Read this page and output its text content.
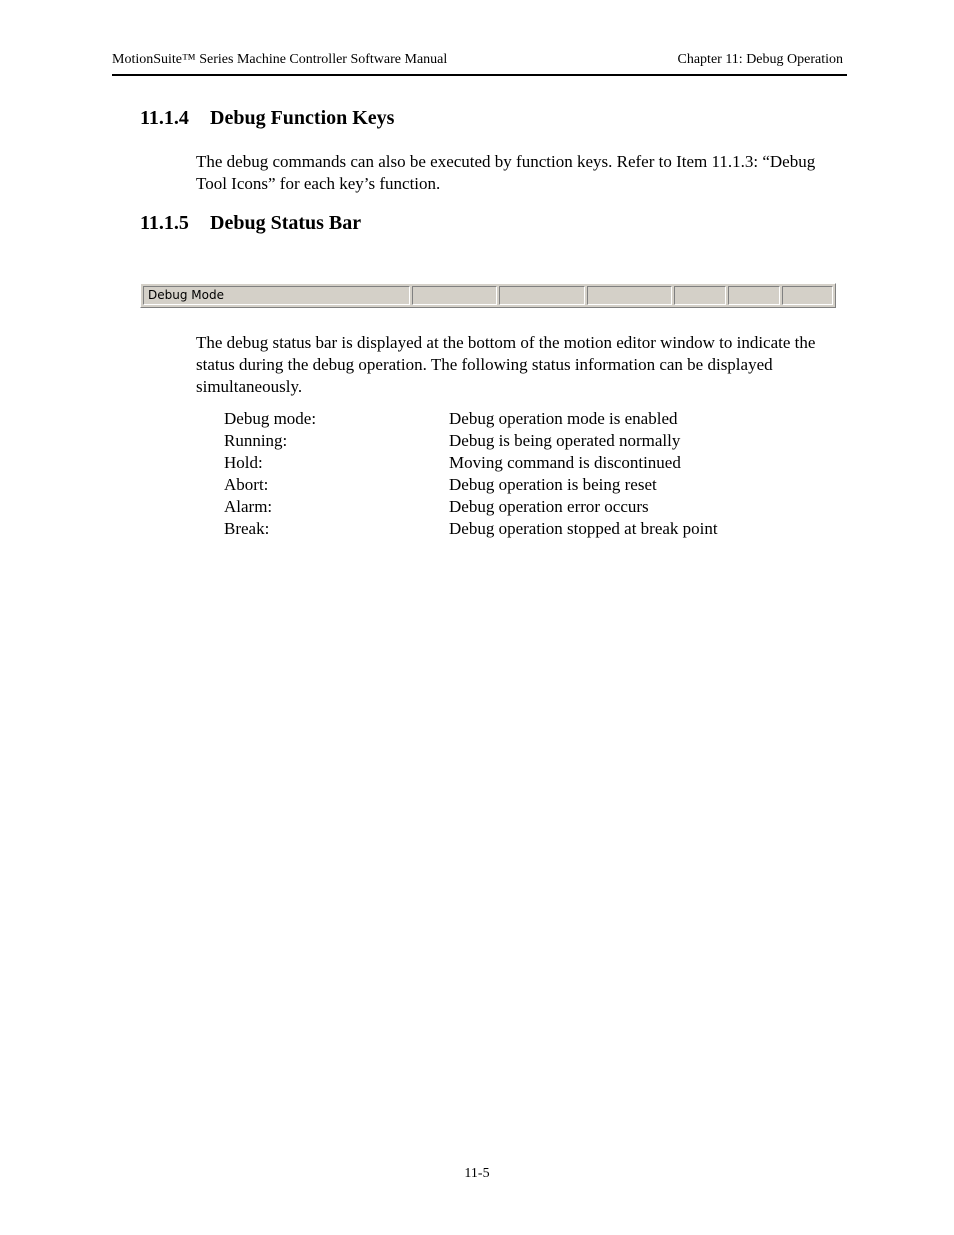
MotionSuite™ Series Machine Controller Software Manual	Chapter 11: Debug Operation
11.1.4 Debug Function Keys

The debug commands can also be executed by function keys. Refer to Item 11.1.3: “Debug Tool Icons” for each key’s function.

11.1.5 Debug Status Bar
Debug Mode

The debug status bar is displayed at the bottom of the motion editor window to indicate the status during the debug operation. The following status information can be displayed simultaneously.

Debug mode:	Debug operation mode is enabled
Running:	Debug is being operated normally
Hold:	Moving command is discontinued
Abort:	Debug operation is being reset
Alarm:	Debug operation error occurs
Break:	Debug operation stopped at break point
11-5
